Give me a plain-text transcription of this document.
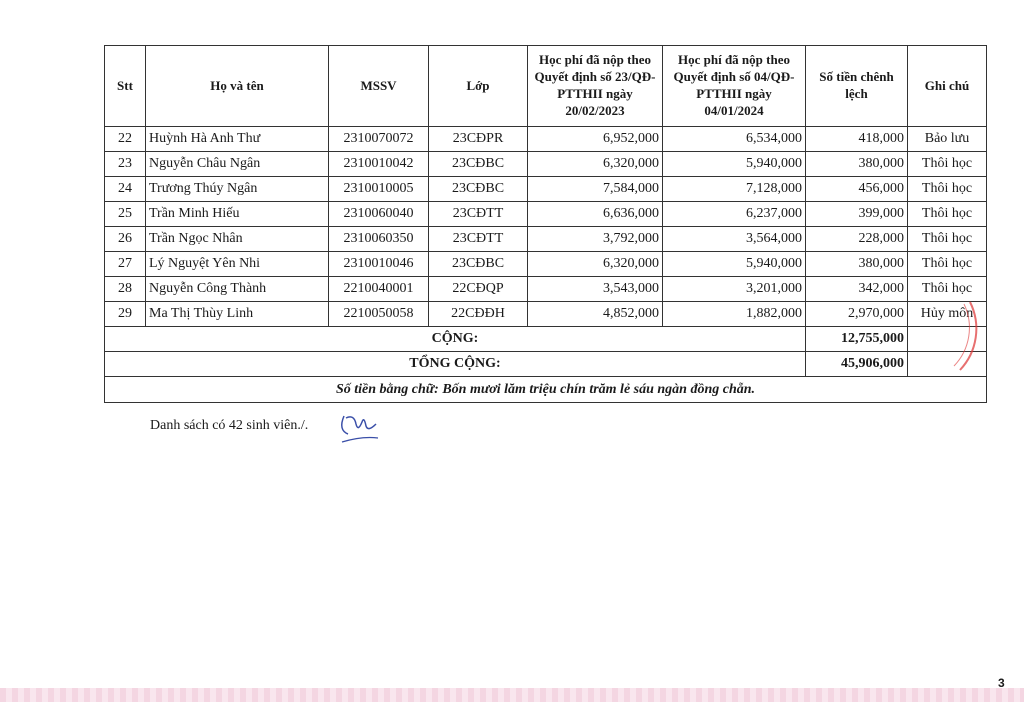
Stt	Họ và tên	MSSV	Lớp	Học phí đã nộp theo Quyết định số 23/QĐ-PTTHII ngày 20/02/2023	Học phí đã nộp theo Quyết định số 04/QĐ-PTTHII ngày 04/01/2024	Số tiền chênh lệch	Ghi chú
22	Huỳnh Hà Anh Thư	2310070072	23CĐPR	6,952,000	6,534,000	418,000	Bảo lưu
23	Nguyễn Châu Ngân	2310010042	23CĐBC	6,320,000	5,940,000	380,000	Thôi học
24	Trương Thúy Ngân	2310010005	23CĐBC	7,584,000	7,128,000	456,000	Thôi học
25	Trần Minh Hiếu	2310060040	23CĐTT	6,636,000	6,237,000	399,000	Thôi học
26	Trần Ngọc Nhân	2310060350	23CĐTT	3,792,000	3,564,000	228,000	Thôi học
27	Lý Nguyệt Yên Nhi	2310010046	23CĐBC	6,320,000	5,940,000	380,000	Thôi học
28	Nguyễn Công Thành	2210040001	22CĐQP	3,543,000	3,201,000	342,000	Thôi học
29	Ma Thị Thùy Linh	2210050058	22CĐĐH	4,852,000	1,882,000	2,970,000	Hủy môn
CỘNG:						12,755,000	
TỔNG CỘNG:						45,906,000	
Số tiền bằng chữ: Bốn mươi lăm triệu chín trăm lẻ sáu ngàn đồng chẵn.							
Danh sách có 42 sinh viên./.
3
